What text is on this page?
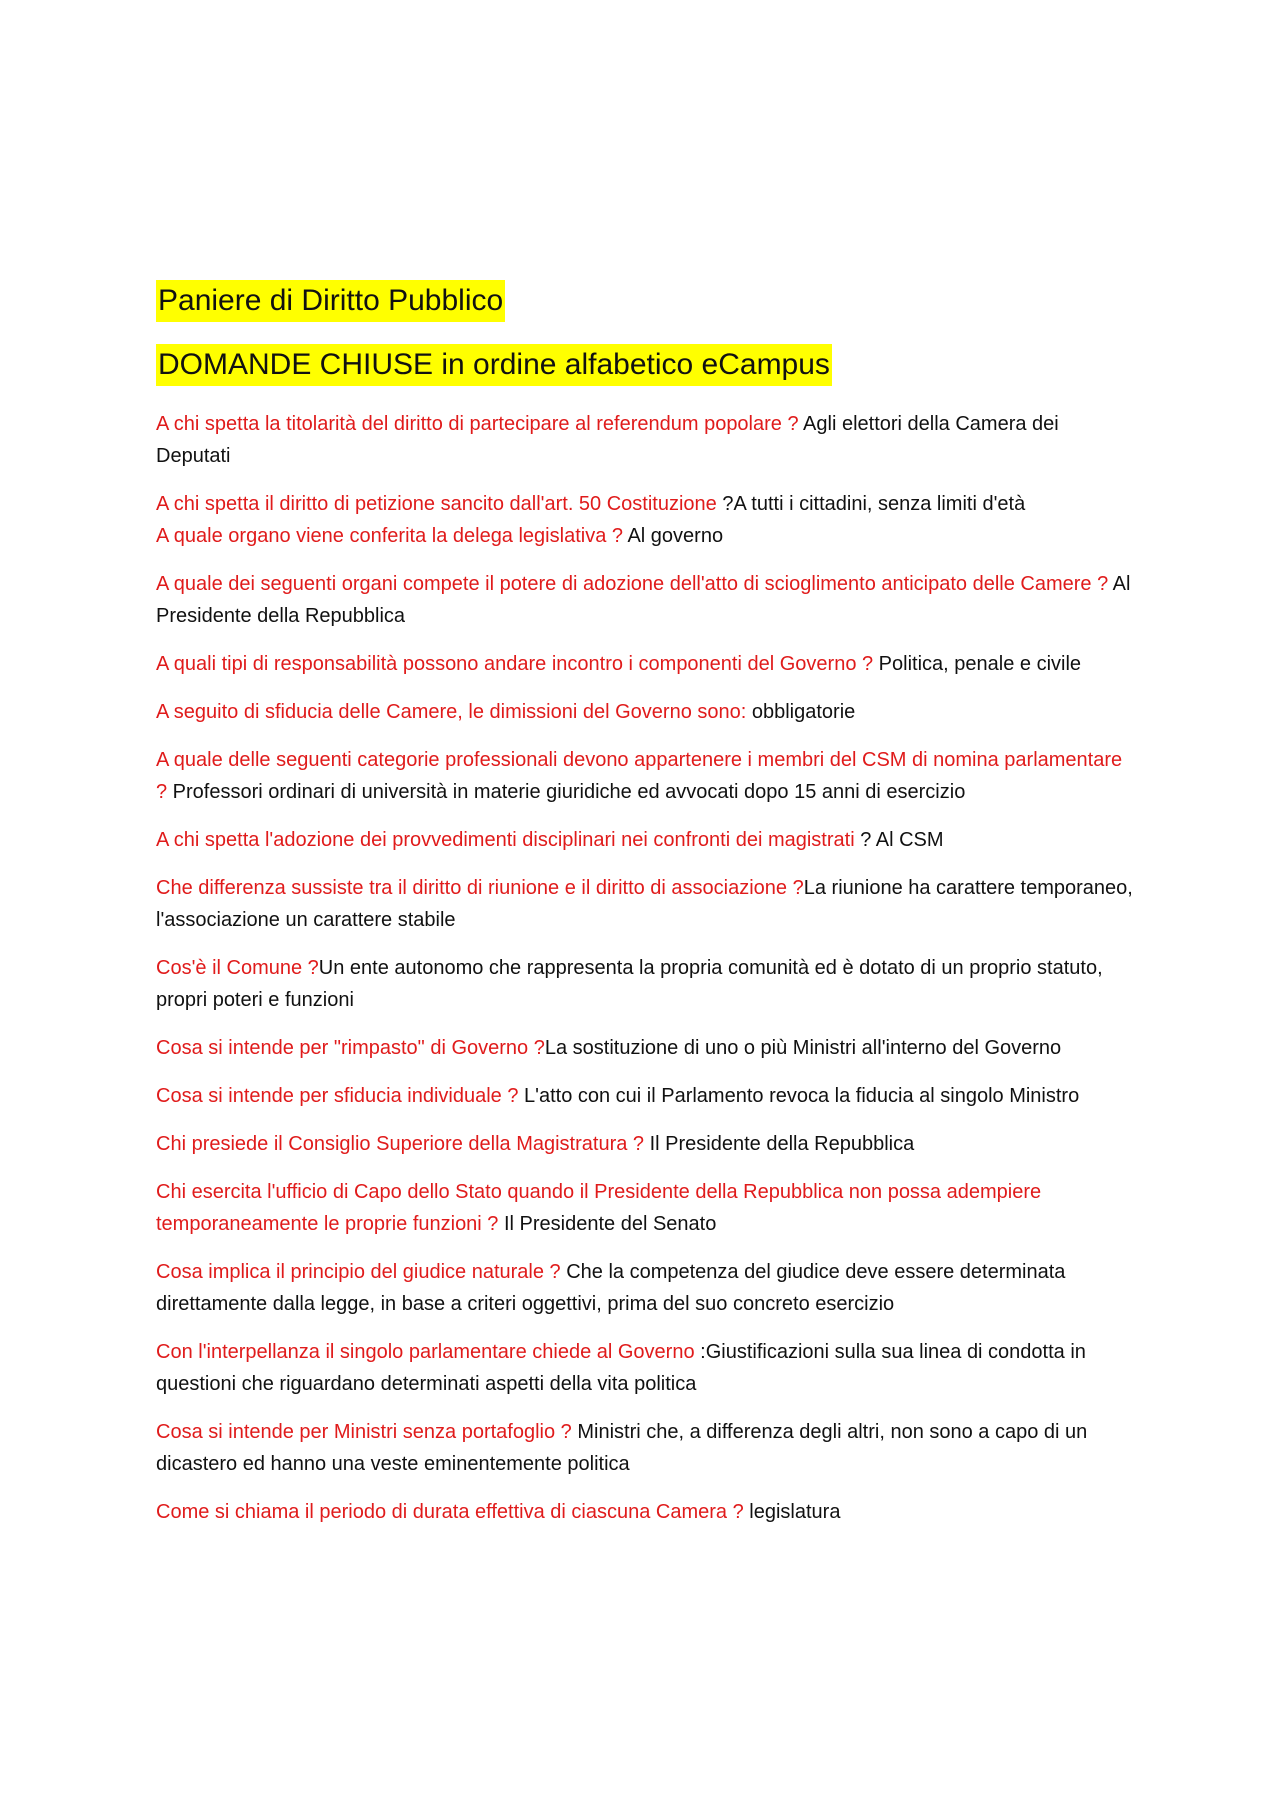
Paniere di Diritto Pubblico
DOMANDE CHIUSE in ordine alfabetico eCampus
A chi spetta la titolarità del diritto di partecipare al referendum popolare ? Agli elettori della Camera dei Deputati
A chi spetta il diritto di petizione sancito dall'art. 50 Costituzione ?A tutti i cittadini, senza limiti d'età
A quale organo viene conferita la delega legislativa ? Al governo
A quale dei seguenti organi compete il potere di adozione dell'atto di scioglimento anticipato delle Camere ? Al Presidente della Repubblica
A quali tipi di responsabilità possono andare incontro i componenti del Governo ? Politica, penale e civile
A seguito di sfiducia delle Camere, le dimissioni del Governo sono: obbligatorie
A quale delle seguenti categorie professionali devono appartenere i membri del CSM di nomina parlamentare ? Professori ordinari di università in materie giuridiche ed avvocati dopo 15 anni di esercizio
A chi spetta l'adozione dei provvedimenti disciplinari nei confronti dei magistrati ? Al CSM
Che differenza sussiste tra il diritto di riunione e il diritto di associazione ?La riunione ha carattere temporaneo, l'associazione un carattere stabile
Cos'è il Comune ?Un ente autonomo che rappresenta la propria comunità ed è dotato di un proprio statuto, propri poteri e funzioni
Cosa si intende per "rimpasto" di Governo ?La sostituzione di uno o più Ministri all'interno del Governo
Cosa si intende per sfiducia individuale ? L'atto con cui il Parlamento revoca la fiducia al singolo Ministro
Chi presiede il Consiglio Superiore della Magistratura ? Il Presidente della Repubblica
Chi esercita l'ufficio di Capo dello Stato quando il Presidente della Repubblica non possa adempiere temporaneamente le proprie funzioni ? Il Presidente del Senato
Cosa implica il principio del giudice naturale ? Che la competenza del giudice deve essere determinata direttamente dalla legge, in base a criteri oggettivi, prima del suo concreto esercizio
Con l'interpellanza il singolo parlamentare chiede al Governo :Giustificazioni sulla sua linea di condotta in questioni che riguardano determinati aspetti della vita politica
Cosa si intende per Ministri senza portafoglio ? Ministri che, a differenza degli altri, non sono a capo di un dicastero ed hanno una veste eminentemente politica
Come si chiama il periodo di durata effettiva di ciascuna Camera ? legislatura
